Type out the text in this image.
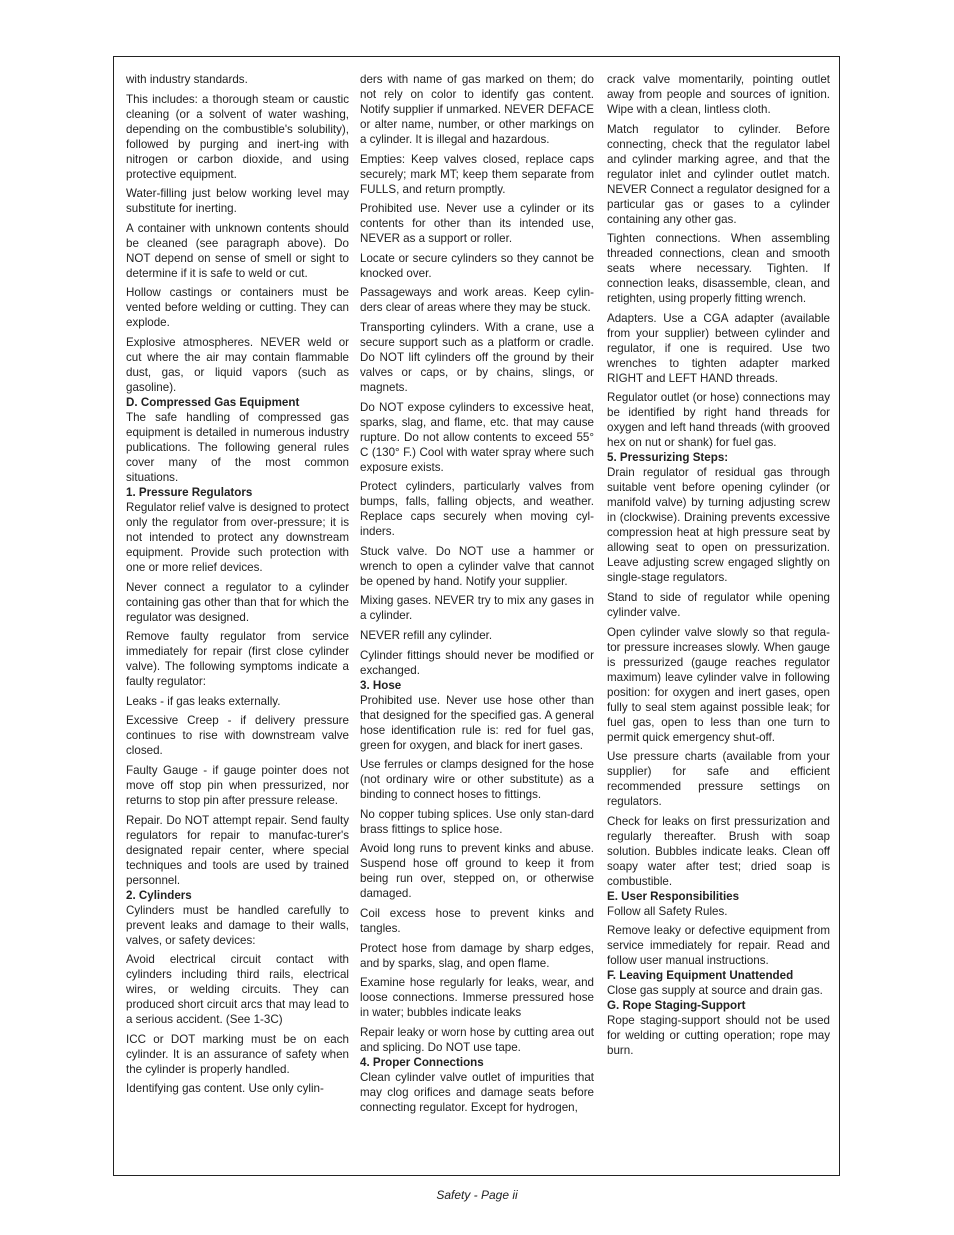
with industry standards.

This includes: a thorough steam or caustic cleaning (or a solvent of water washing, depending on the combustible's solubility), followed by purging and inert-ing with nitrogen or carbon dioxide, and using protective equipment.

Water-filling just below working level may substitute for inerting.

A container with unknown contents should be cleaned (see paragraph above). Do NOT depend on sense of smell or sight to determine if it is safe to weld or cut.

Hollow castings or containers must be vented before welding or cutting. They can explode.

Explosive atmospheres. NEVER weld or cut where the air may contain flammable dust, gas, or liquid vapors (such as gasoline).

D. Compressed Gas Equipment

The safe handling of compressed gas equipment is detailed in numerous industry publications. The following general rules cover many of the most common situations.

1. Pressure Regulators

Regulator relief valve is designed to protect only the regulator from over-pressure; it is not intended to protect any downstream equipment. Provide such protection with one or more relief devices.

Never connect a regulator to a cylinder containing gas other than that for which the regulator was designed.

Remove faulty regulator from service immediately for repair (first close cylinder valve). The following symptoms indicate a faulty regulator:

Leaks - if gas leaks externally.

Excessive Creep - if delivery pressure continues to rise with downstream valve closed.

Faulty Gauge - if gauge pointer does not move off stop pin when pressurized, nor returns to stop pin after pressure release.

Repair. Do NOT attempt repair. Send faulty regulators for repair to manufac-turer's designated repair center, where special techniques and tools are used by trained personnel.

2. Cylinders

Cylinders must be handled carefully to prevent leaks and damage to their walls, valves, or safety devices:

Avoid electrical circuit contact with cylinders including third rails, electrical wires, or welding circuits. They can produced short circuit arcs that may lead to a serious accident. (See 1-3C)

ICC or DOT marking must be on each cylinder. It is an assurance of safety when the cylinder is properly handled.

Identifying gas content. Use only cylin-

ders with name of gas marked on them; do not rely on color to identify gas content. Notify supplier if unmarked. NEVER DEFACE or alter name, number, or other markings on a cylinder. It is illegal and hazardous.

Empties: Keep valves closed, replace caps securely; mark MT; keep them separate from FULLS, and return promptly.

Prohibited use. Never use a cylinder or its contents for other than its intended use, NEVER as a support or roller.

Locate or secure cylinders so they cannot be knocked over.

Passageways and work areas. Keep cylin-ders clear of areas where they may be stuck.

Transporting cylinders. With a crane, use a secure support such as a platform or cradle. Do NOT lift cylinders off the ground by their valves or caps, or by chains, slings, or magnets.

Do NOT expose cylinders to excessive heat, sparks, slag, and flame, etc. that may cause rupture. Do not allow contents to exceed 55° C (130° F.) Cool with water spray where such exposure exists.

Protect cylinders, particularly valves from bumps, falls, falling objects, and weather. Replace caps securely when moving cyl-inders.

Stuck valve. Do NOT use a hammer or wrench to open a cylinder valve that cannot be opened by hand. Notify your supplier.

Mixing gases. NEVER try to mix any gases in a cylinder.

NEVER refill any cylinder.

Cylinder fittings should never be modified or exchanged.

3. Hose

Prohibited use. Never use hose other than that designed for the specified gas. A general hose identification rule is: red for fuel gas, green for oxygen, and black for inert gases.

Use ferrules or clamps designed for the hose (not ordinary wire or other substitute) as a binding to connect hoses to fittings.

No copper tubing splices. Use only stan-dard brass fittings to splice hose.

Avoid long runs to prevent kinks and abuse. Suspend hose off ground to keep it from being run over, stepped on, or otherwise damaged.

Coil excess hose to prevent kinks and tangles.

Protect hose from damage by sharp edges, and by sparks, slag, and open flame.

Examine hose regularly for leaks, wear, and loose connections. Immerse pressured hose in water; bubbles indicate leaks

Repair leaky or worn hose by cutting area out and splicing. Do NOT use tape.

4. Proper Connections

Clean cylinder valve outlet of impurities that may clog orifices and damage seats before connecting regulator. Except for hydrogen,

crack valve momentarily, pointing outlet away from people and sources of ignition. Wipe with a clean, lintless cloth.

Match regulator to cylinder. Before connecting, check that the regulator label and cylinder marking agree, and that the regulator inlet and cylinder outlet match. NEVER Connect a regulator designed for a particular gas or gases to a cylinder containing any other gas.

Tighten connections. When assembling threaded connections, clean and smooth seats where necessary. Tighten. If connection leaks, disassemble, clean, and retighten, using properly fitting wrench.

Adapters. Use a CGA adapter (available from your supplier) between cylinder and regulator, if one is required. Use two wrenches to tighten adapter marked RIGHT and LEFT HAND threads.

Regulator outlet (or hose) connections may be identified by right hand threads for oxygen and left hand threads (with grooved hex on nut or shank) for fuel gas.

5. Pressurizing Steps:

Drain regulator of residual gas through suitable vent before opening cylinder (or manifold valve) by turning adjusting screw in (clockwise). Draining prevents excessive compression heat at high pressure seat by allowing seat to open on pressurization. Leave adjusting screw engaged slightly on single-stage regulators.

Stand to side of regulator while opening cylinder valve.

Open cylinder valve slowly so that regula-tor pressure increases slowly. When gauge is pressurized (gauge reaches regulator maximum) leave cylinder valve in following position: for oxygen and inert gases, open fully to seal stem against possible leak; for fuel gas, open to less than one turn to permit quick emergency shut-off.

Use pressure charts (available from your supplier) for safe and efficient recommended pressure settings on regulators.

Check for leaks on first pressurization and regularly thereafter. Brush with soap solution. Bubbles indicate leaks. Clean off soapy water after test; dried soap is combustible.

E. User Responsibilities

Follow all Safety Rules.

Remove leaky or defective equipment from service immediately for repair. Read and follow user manual instructions.

F. Leaving Equipment Unattended

Close gas supply at source and drain gas.

G. Rope Staging-Support

Rope staging-support should not be used for welding or cutting operation; rope may burn.

Safety - Page ii
